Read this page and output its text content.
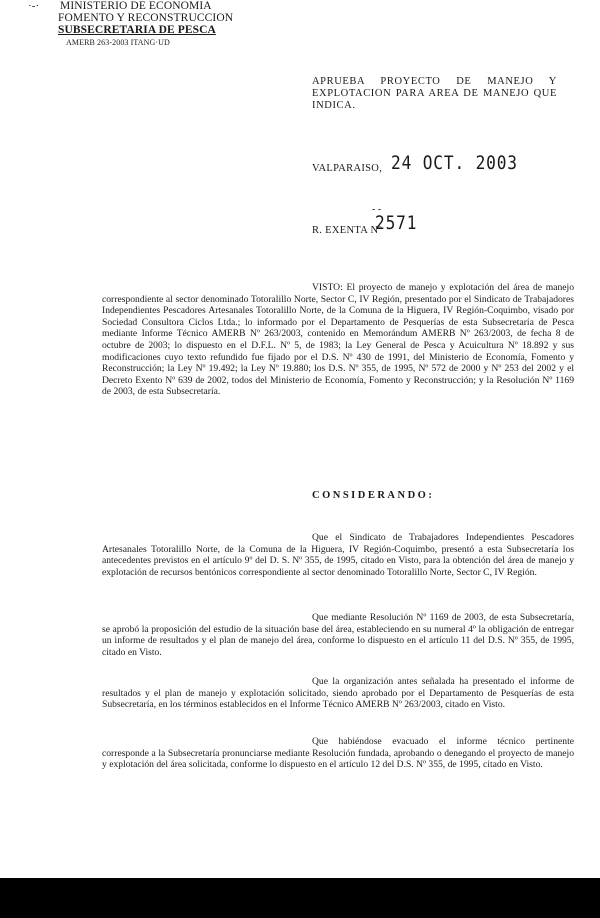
·-· MINISTERIO DE ECONOMIA
FOMENTO Y RECONSTRUCCION
SUBSECRETARIA DE PESCA
AMERB 263-2003 ITANG·UD

APRUEBA PROYECTO DE MANEJO Y

EXPLOTACION PARA AREA DE MANEJO QUE

INDICA.

VALPARAISO, 24 OCT. 2003
- -
R. EXENTA Nº
2571

VISTO: El proyecto de manejo y explotación del área de manejo correspondiente al sector denominado Totoralillo Norte, Sector C, IV Región, presentado por el Sindicato de Trabajadores Independientes Pescadores Artesanales Totoralillo Norte, de la Comuna de la Higuera, IV Región-Coquimbo, visado por Sociedad Consultora Ciclos Ltda.; lo informado por el Departamento de Pesquerías de esta Subsecretaría de Pesca mediante Informe Técnico AMERB Nº 263/2003, contenido en Memorándum AMERB Nº 263/2003, de fecha 8 de octubre de 2003; lo dispuesto en el D.F.L. Nº 5, de 1983; la Ley General de Pesca y Acuicultura Nº 18.892 y sus modificaciones cuyo texto refundido fue fijado por el D.S. Nº 430 de 1991, del Ministerio de Economía, Fomento y Reconstrucción; la Ley Nº 19.492; la Ley Nº 19.880; los D.S. Nº 355, de 1995, Nº 572 de 2000 y Nº 253 del 2002 y el Decreto Exento Nº 639 de 2002, todos del Ministerio de Economía, Fomento y Reconstrucción; y la Resolución Nº 1169 de 2003, de esta Subsecretaría.

CONSIDERANDO:

Que el Sindicato de Trabajadores Independientes Pescadores Artesanales Totoralillo Norte, de la Comuna de la Higuera, IV Región-Coquimbo, presentó a esta Subsecretaría los antecedentes previstos en el artículo 9º del D. S. Nº 355, de 1995, citado en Visto, para la obtención del área de manejo y explotación de recursos bentónicos correspondiente al sector denominado Totoralillo Norte, Sector C, IV Región.

Que mediante Resolución Nº 1169 de 2003, de esta Subsecretaría, se aprobó la proposición del estudio de la situación base del área, estableciendo en su numeral 4º la obligación de entregar un informe de resultados y el plan de manejo del área, conforme lo dispuesto en el artículo 11 del D.S. Nº 355, de 1995, citado en Visto.

Que la organización antes señalada ha presentado el informe de resultados y el plan de manejo y explotación solicitado, siendo aprobado por el Departamento de Pesquerías de esta Subsecretaría, en los términos establecidos en el Informe Técnico AMERB Nº 263/2003, citado en Visto.

Que habiéndose evacuado el informe técnico pertinente corresponde a la Subsecretaría pronunciarse mediante Resolución fundada, aprobando o denegando el proyecto de manejo y explotación del área solicitada, conforme lo dispuesto en el artículo 12 del D.S. Nº 355, de 1995, citado en Visto.
